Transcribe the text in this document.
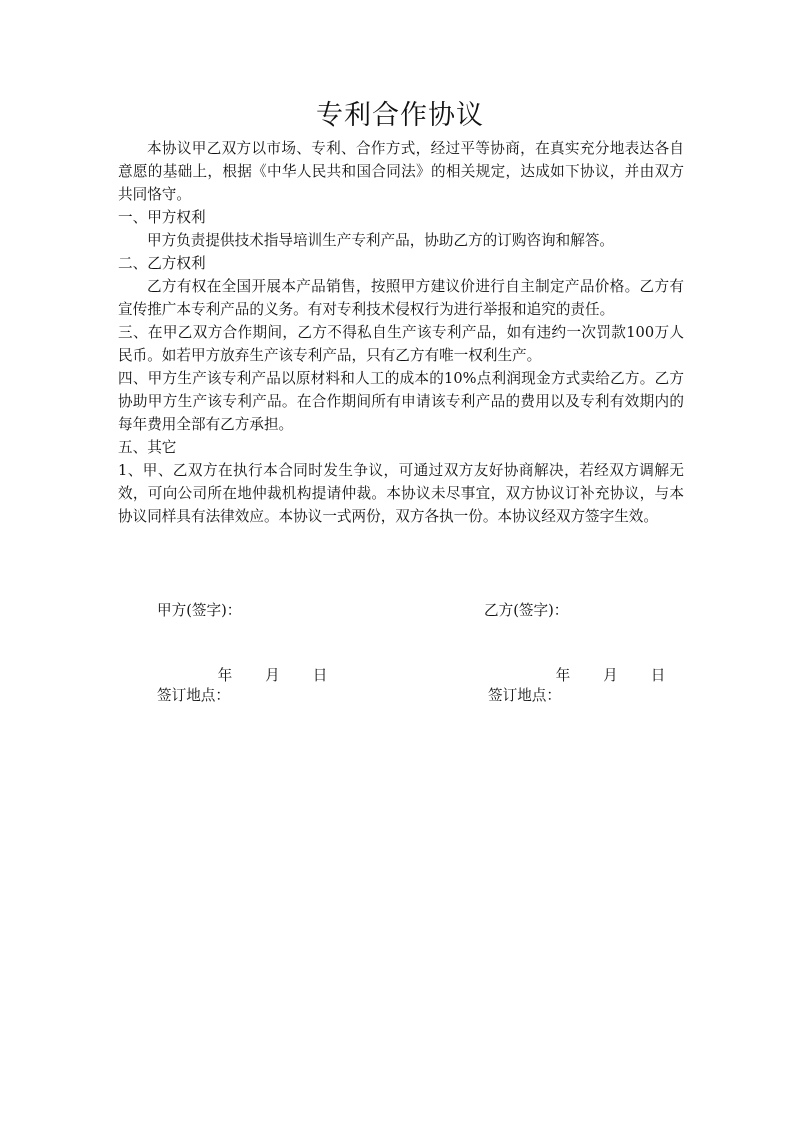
专利合作协议

本协议甲乙双方以市场、专利、合作方式，经过平等协商，在真实充分地表达各自意愿的基础上，根据《中华人民共和国合同法》的相关规定，达成如下协议，并由双方共同恪守。

一、甲方权利

甲方负责提供技术指导培训生产专利产品，协助乙方的订购咨询和解答。

二、乙方权利

乙方有权在全国开展本产品销售，按照甲方建议价进行自主制定产品价格。乙方有宣传推广本专利产品的义务。有对专利技术侵权行为进行举报和追究的责任。

三、在甲乙双方合作期间，乙方不得私自生产该专利产品，如有违约一次罚款100万人民币。如若甲方放弃生产该专利产品，只有乙方有唯一权利生产。

四、甲方生产该专利产品以原材料和人工的成本的10%点利润现金方式卖给乙方。乙方协助甲方生产该专利产品。在合作期间所有申请该专利产品的费用以及专利有效期内的每年费用全部有乙方承担。

五、其它

1、甲、乙双方在执行本合同时发生争议，可通过双方友好协商解决，若经双方调解无效，可向公司所在地仲裁机构提请仲裁。本协议未尽事宜，双方协议订补充协议，与本协议同样具有法律效应。本协议一式两份，双方各执一份。本协议经双方签字生效。

甲方(签字)：

年 月 日

签订地点：
乙方(签字)：

年 月 日

签订地点：
